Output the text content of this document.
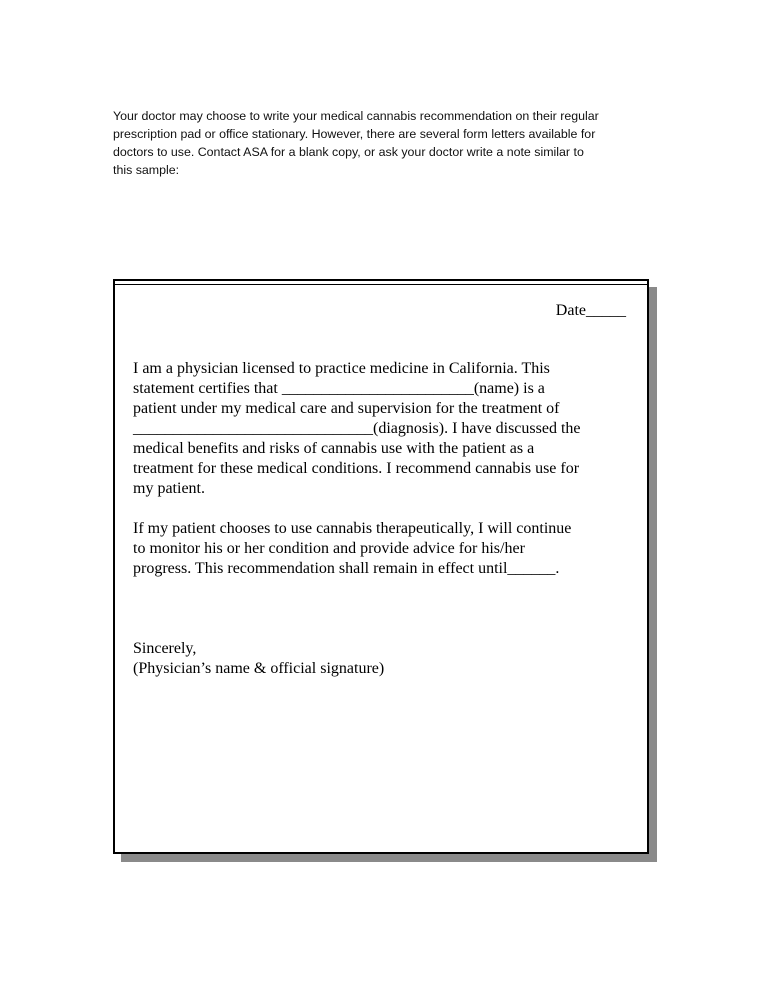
Your doctor may choose to write your medical cannabis recommendation on their regular
prescription pad or office stationary. However, there are several form letters available for
doctors to use. Contact ASA for a blank copy, or ask your doctor write a note similar to
this sample:
Date_____
I am a physician licensed to practice medicine in California. This
statement certifies that ________________________(name) is a
patient under my medical care and supervision for the treatment of
______________________________(diagnosis). I have discussed the
medical benefits and risks of cannabis use with the patient as a
treatment for these medical conditions. I recommend cannabis use for
my patient.
If my patient chooses to use cannabis therapeutically, I will continue
to monitor his or her condition and provide advice for his/her
progress. This recommendation shall remain in effect until______.
Sincerely,
(Physician’s name & official signature)
